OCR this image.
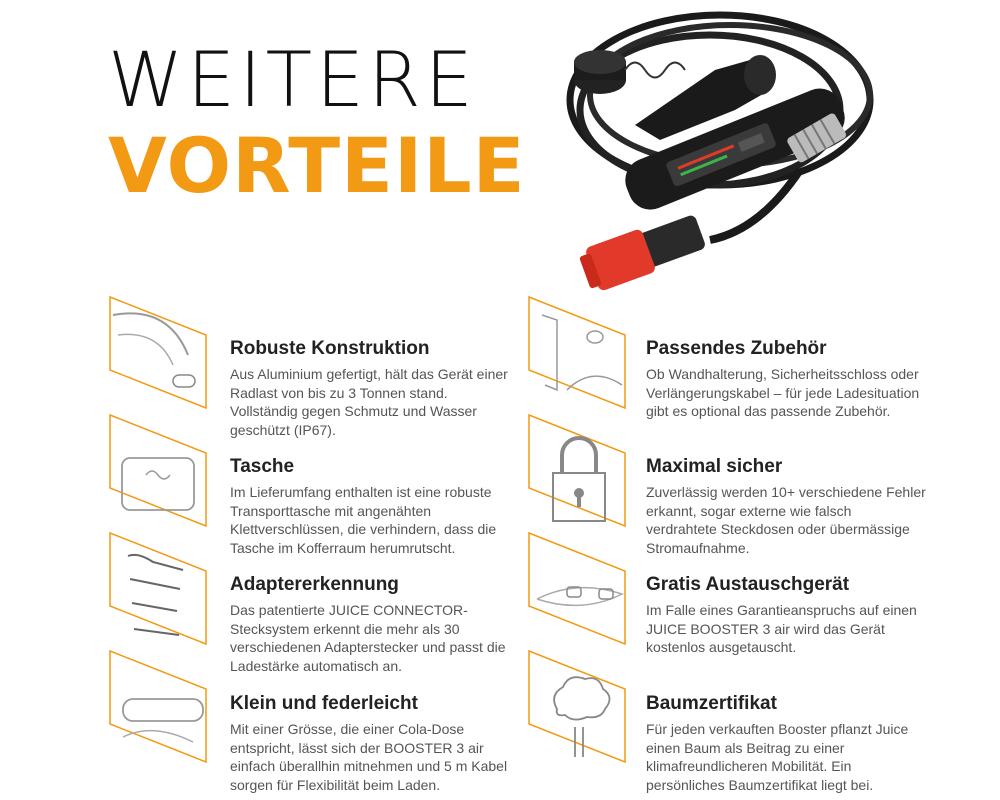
WEITERE
VORTEILE
Robuste Konstruktion
Aus Aluminium gefertigt, hält das Gerät einer Radlast von bis zu 3 Tonnen stand. Vollständig gegen Schmutz und Wasser geschützt (IP67).
Tasche
Im Lieferumfang enthalten ist eine robuste Transporttasche mit angenähten Klettverschlüssen, die verhindern, dass die Tasche im Kofferraum herumrutscht.
Adaptererkennung
Das patentierte JUICE CONNECTOR-Stecksystem erkennt die mehr als 30 verschiedenen Adapterstecker und passt die Ladestärke automatisch an.
Klein und federleicht
Mit einer Grösse, die einer Cola-Dose entspricht, lässt sich der BOOSTER 3 air einfach überallhin mitnehmen und 5 m Kabel sorgen für Flexibilität beim Laden.
Passendes Zubehör
Ob Wandhalterung, Sicherheitsschloss oder Verlängerungskabel – für jede Ladesituation gibt es optional das passende Zubehör.
Maximal sicher
Zuverlässig werden 10+ verschiedene Fehler erkannt, sogar externe wie falsch verdrahtete Steckdosen oder übermässige Stromaufnahme.
Gratis Austauschgerät
Im Falle eines Garantieanspruchs auf einen JUICE BOOSTER 3 air wird das Gerät kostenlos ausgetauscht.
Baumzertifikat
Für jeden verkauften Booster pflanzt Juice einen Baum als Beitrag zu einer klimafreundlicheren Mobilität. Ein persönliches Baumzertifikat liegt bei.
